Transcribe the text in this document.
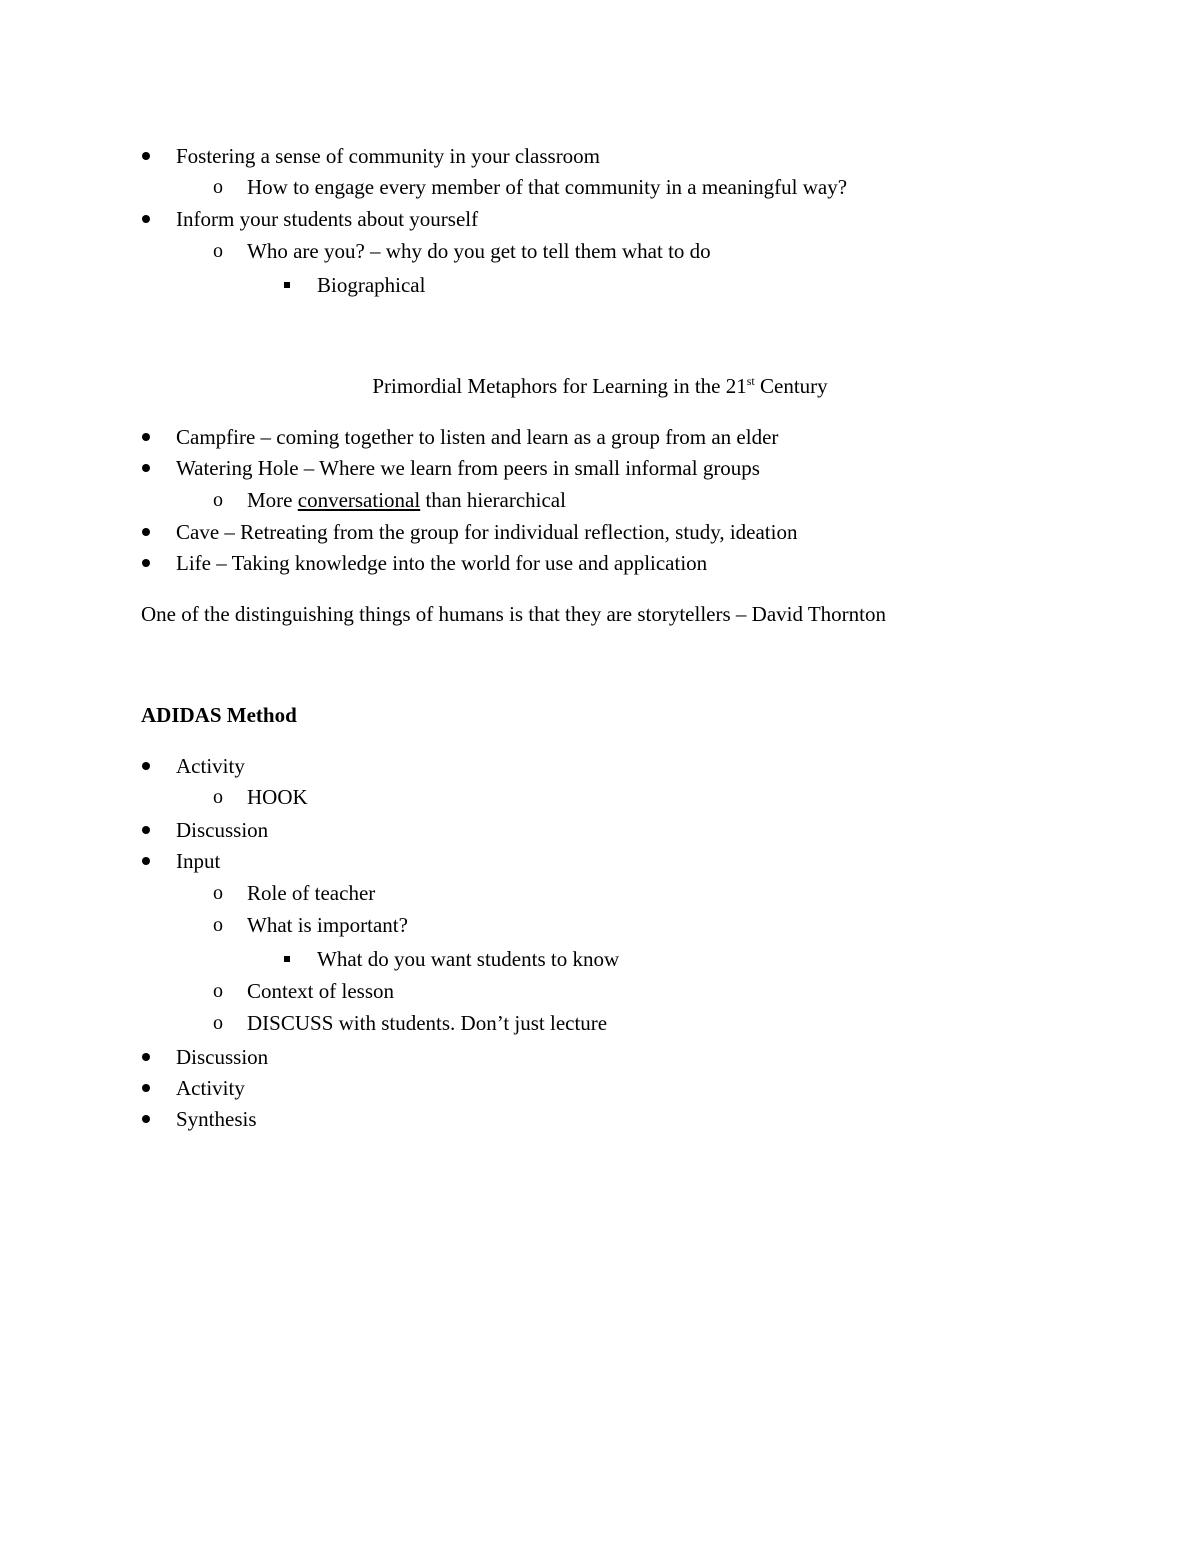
Fostering a sense of community in your classroom
o How to engage every member of that community in a meaningful way?
Inform your students about yourself
o Who are you? – why do you get to tell them what to do
Biographical
Primordial Metaphors for Learning in the 21st Century
Campfire – coming together to listen and learn as a group from an elder
Watering Hole – Where we learn from peers in small informal groups
o More conversational than hierarchical
Cave – Retreating from the group for individual reflection, study, ideation
Life – Taking knowledge into the world for use and application
One of the distinguishing things of humans is that they are storytellers – David Thornton
ADIDAS Method
Activity
o HOOK
Discussion
Input
o Role of teacher
o What is important?
What do you want students to know
o Context of lesson
o DISCUSS with students. Don’t just lecture
Discussion
Activity
Synthesis
